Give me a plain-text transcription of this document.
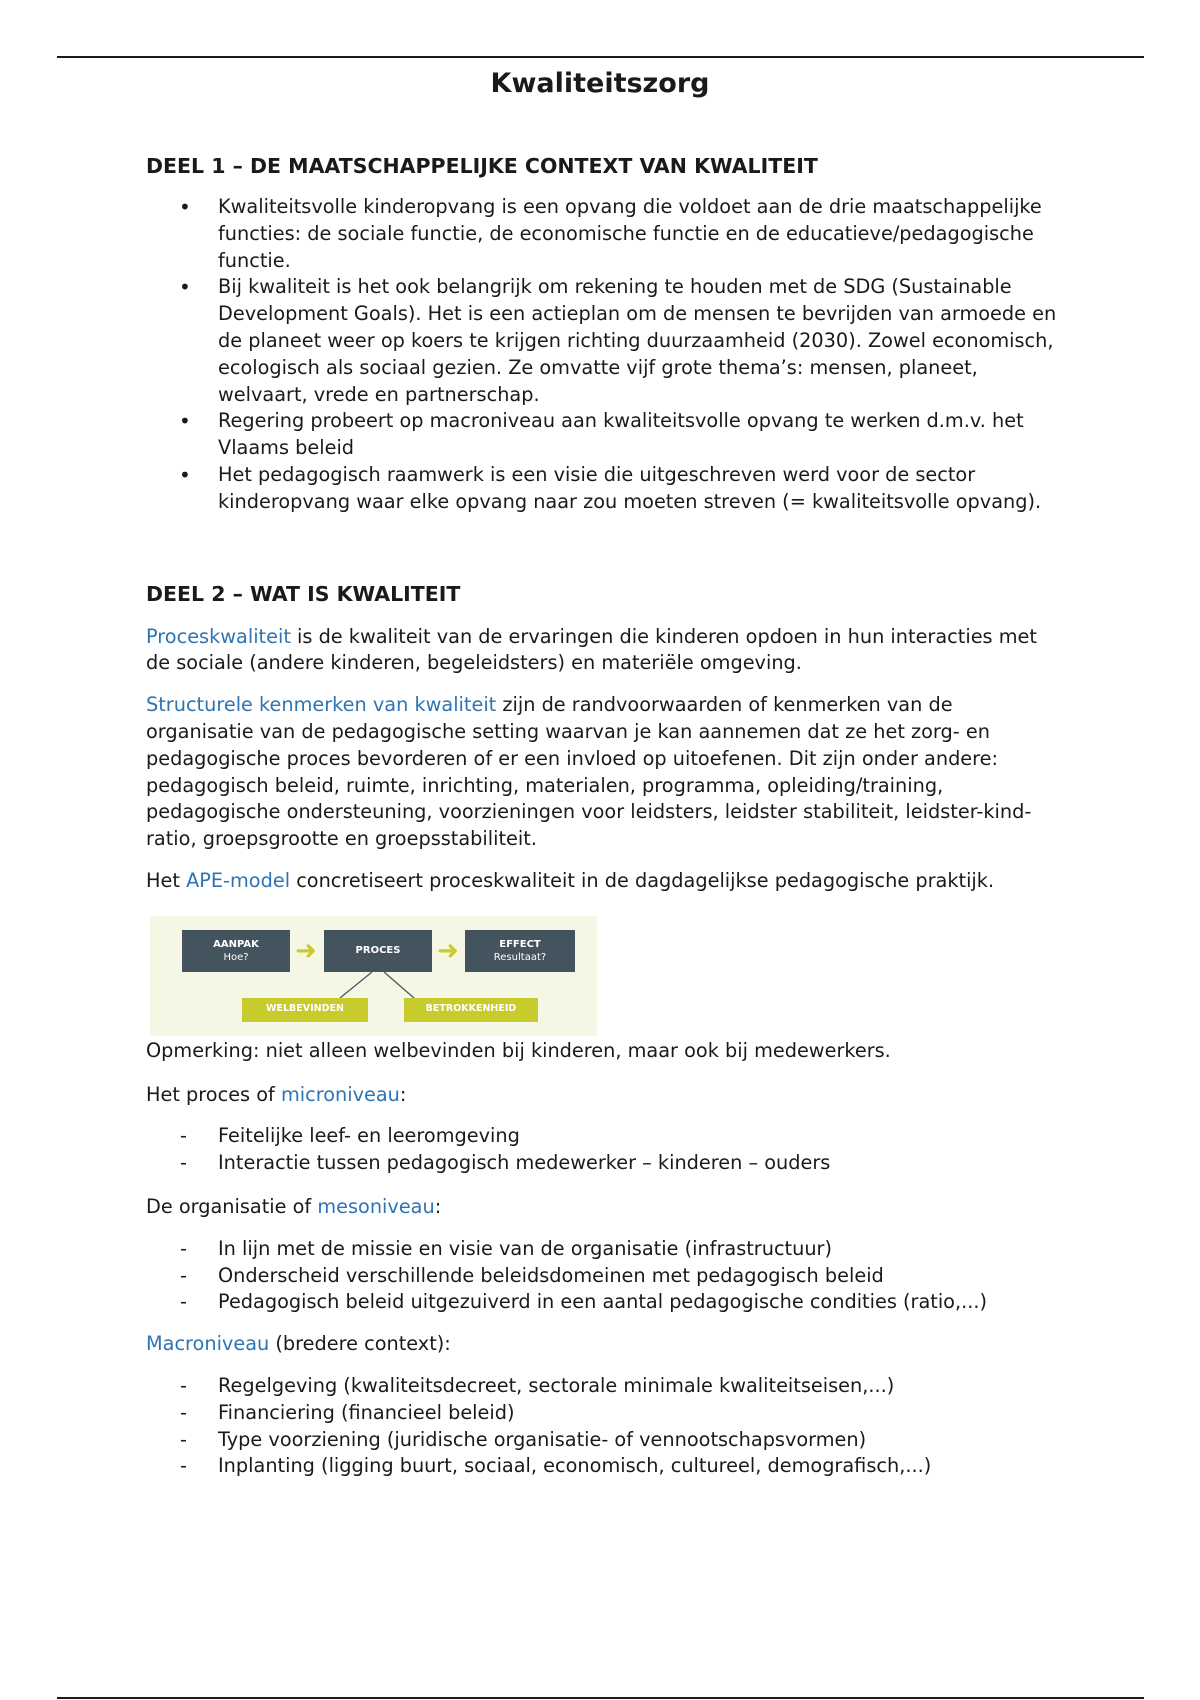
Kwaliteitszorg
DEEL 1 – DE MAATSCHAPPELIJKE CONTEXT VAN KWALITEIT
• Kwaliteitsvolle kinderopvang is een opvang die voldoet aan de drie maatschappelijke functies: de sociale functie, de economische functie en de educatieve/pedagogische functie.
• Bij kwaliteit is het ook belangrijk om rekening te houden met de SDG (Sustainable Development Goals). Het is een actieplan om de mensen te bevrijden van armoede en de planeet weer op koers te krijgen richting duurzaamheid (2030). Zowel economisch, ecologisch als sociaal gezien. Ze omvatte vijf grote thema’s: mensen, planeet, welvaart, vrede en partnerschap.
• Regering probeert op macroniveau aan kwaliteitsvolle opvang te werken d.m.v. het Vlaams beleid
• Het pedagogisch raamwerk is een visie die uitgeschreven werd voor de sector kinderopvang waar elke opvang naar zou moeten streven (= kwaliteitsvolle opvang).
DEEL 2 – WAT IS KWALITEIT

Proceskwaliteit is de kwaliteit van de ervaringen die kinderen opdoen in hun interacties met de sociale (andere kinderen, begeleidsters) en materiële omgeving.

Structurele kenmerken van kwaliteit zijn de randvoorwaarden of kenmerken van de organisatie van de pedagogische setting waarvan je kan aannemen dat ze het zorg- en pedagogische proces bevorderen of er een invloed op uitoefenen. Dit zijn onder andere: pedagogisch beleid, ruimte, inrichting, materialen, programma, opleiding/training, pedagogische ondersteuning, voorzieningen voor leidsters, leidster stabiliteit, leidster-kind-ratio, groepsgrootte en groepsstabiliteit.

Het APE-model concretiseert proceskwaliteit in de dagdagelijkse pedagogische praktijk.

AANPAK
Hoe? ➜	PROCES ➜	EFFECT
Resultaat?
WELBEVINDEN	BETROKKENHEID

Opmerking: niet alleen welbevinden bij kinderen, maar ook bij medewerkers.

Het proces of microniveau:

- Feitelijke leef- en leeromgeving
- Interactie tussen pedagogisch medewerker – kinderen – ouders

De organisatie of mesoniveau:

- In lijn met de missie en visie van de organisatie (infrastructuur)
- Onderscheid verschillende beleidsdomeinen met pedagogisch beleid
- Pedagogisch beleid uitgezuiverd in een aantal pedagogische condities (ratio,...)

Macroniveau (bredere context):

- Regelgeving (kwaliteitsdecreet, sectorale minimale kwaliteitseisen,...)
- Financiering (financieel beleid)
- Type voorziening (juridische organisatie- of vennootschapsvormen)
- Inplanting (ligging buurt, sociaal, economisch, cultureel, demografisch,...)
